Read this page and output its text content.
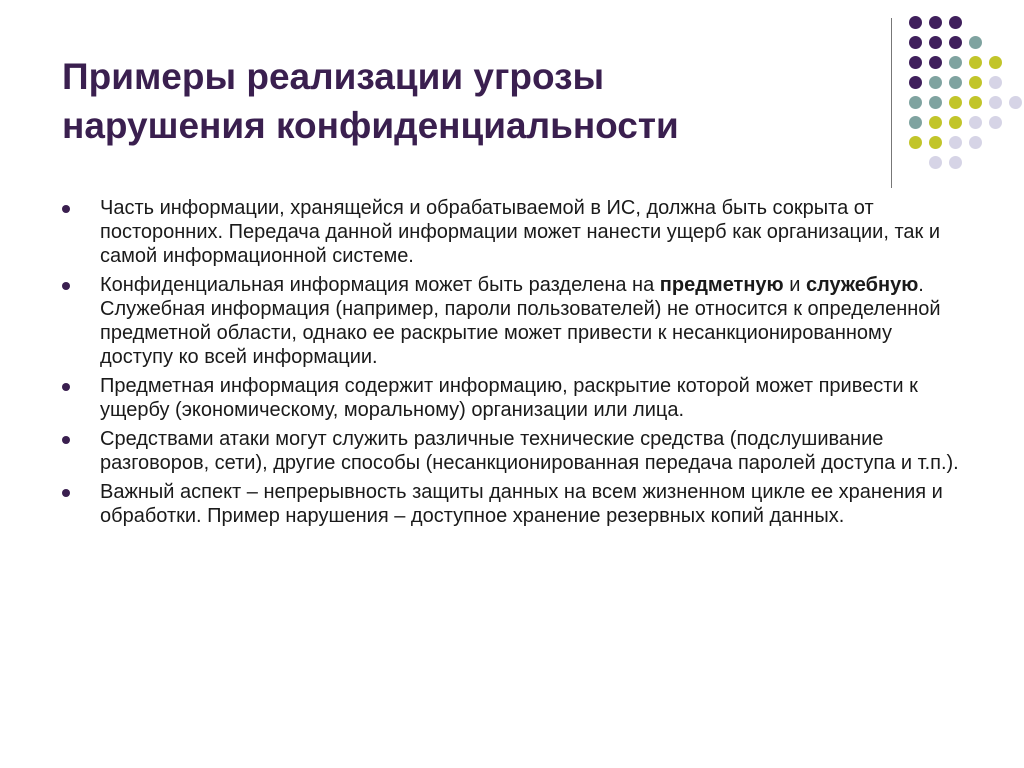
Примеры реализации угрозы
нарушения конфиденциальности
Часть информации, хранящейся и обрабатываемой в ИС, должна быть сокрыта от посторонних. Передача данной информации может нанести ущерб как организации, так и самой информационной системе.
Конфиденциальная информация может быть разделена на предметную и служебную. Служебная информация (например, пароли пользователей) не относится к определенной предметной области, однако ее раскрытие может привести к несанкционированному доступу ко всей информации.
Предметная информация содержит информацию, раскрытие которой может привести к ущербу (экономическому, моральному) организации или лица.
Средствами атаки могут служить различные технические средства (подслушивание разговоров, сети), другие способы (несанкционированная передача паролей доступа и т.п.).
Важный аспект – непрерывность защиты данных на всем жизненном цикле ее хранения и обработки. Пример нарушения – доступное хранение резервных копий данных.
